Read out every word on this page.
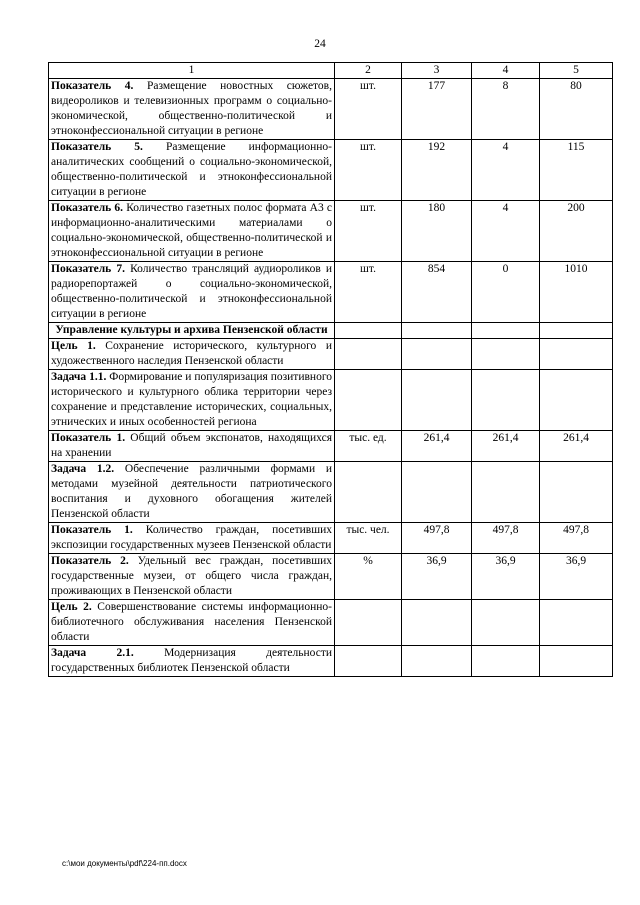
24
1	2	3	4	5
Показатель 4. Размещение новостных сюжетов, видеороликов и телевизионных программ о социально-экономической, общественно-политической и этноконфессиональной ситуации в регионе	шт.	177	8	80
Показатель 5. Размещение информационно-аналитических сообщений о социально-экономической, общественно-политической и этноконфессиональной ситуации в регионе	шт.	192	4	115
Показатель 6. Количество газетных полос формата А3 с информационно-аналитическими материалами о социально-экономической, общественно-политической и этноконфессиональной ситуации в регионе	шт.	180	4	200
Показатель 7. Количество трансляций аудиороликов и радиорепортажей о социально-экономической, общественно-политической и этноконфессиональной ситуации в регионе	шт.	854	0	1010
Управление культуры и архива Пензенской области				
Цель 1. Сохранение исторического, культурного и художественного наследия Пензенской области				
Задача 1.1. Формирование и популяризация позитивного исторического и культурного облика территории через сохранение и представление исторических, социальных, этнических и иных особенностей региона				
Показатель 1. Общий объем экспонатов, находящихся на хранении	тыс. ед.	261,4	261,4	261,4
Задача 1.2. Обеспечение различными формами и методами музейной деятельности патриотического воспитания и духовного обогащения жителей Пензенской области				
Показатель 1. Количество граждан, посетивших экспозиции государственных музеев Пензенской области	тыс. чел.	497,8	497,8	497,8
Показатель 2. Удельный вес граждан, посетивших государственные музеи, от общего числа граждан, проживающих в Пензенской области	%	36,9	36,9	36,9
Цель 2. Совершенствование системы информационно-библиотечного обслуживания населения Пензенской области				
Задача 2.1. Модернизация деятельности государственных библиотек Пензенской области				
c:\мои документы\pdf\224-пп.docx
